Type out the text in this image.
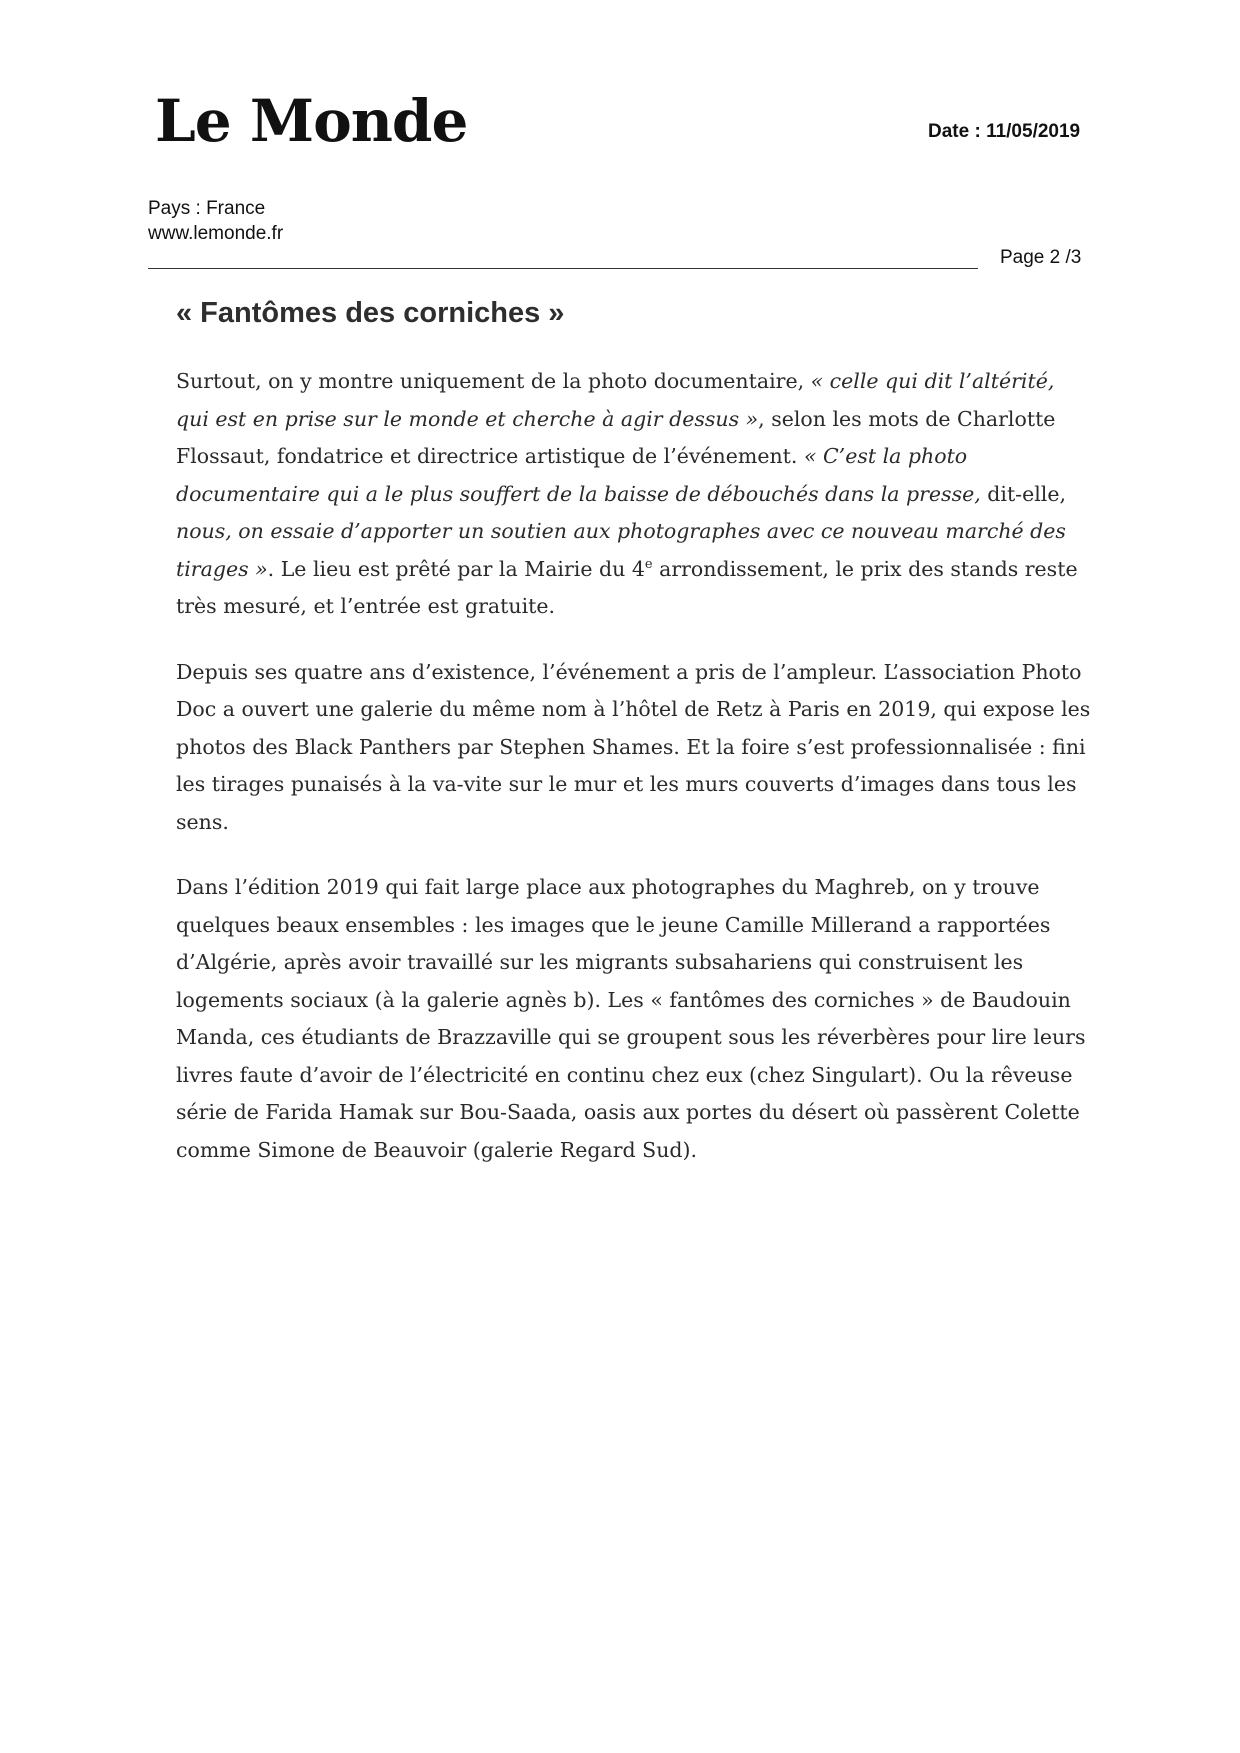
Le Monde	Date : 11/05/2019
Pays : France
www.lemonde.fr
Page 2 /3
« Fantômes des corniches »

Surtout, on y montre uniquement de la photo documentaire, « celle qui dit l’altérité, qui est en prise sur le monde et cherche à agir dessus », selon les mots de Charlotte Flossaut, fondatrice et directrice artistique de l’événement. « C’est la photo documentaire qui a le plus souffert de la baisse de débouchés dans la presse, dit-elle, nous, on essaie d’apporter un soutien aux photographes avec ce nouveau marché des tirages ». Le lieu est prêté par la Mairie du 4e arrondissement, le prix des stands reste très mesuré, et l’entrée est gratuite.

Depuis ses quatre ans d’existence, l’événement a pris de l’ampleur. L’association Photo Doc a ouvert une galerie du même nom à l’hôtel de Retz à Paris en 2019, qui expose les photos des Black Panthers par Stephen Shames. Et la foire s’est professionnalisée : fini les tirages punaisés à la va-vite sur le mur et les murs couverts d’images dans tous les sens.

Dans l’édition 2019 qui fait large place aux photographes du Maghreb, on y trouve quelques beaux ensembles : les images que le jeune Camille Millerand a rapportées d’Algérie, après avoir travaillé sur les migrants subsahariens qui construisent les logements sociaux (à la galerie agnès b). Les « fantômes des corniches » de Baudouin Manda, ces étudiants de Brazzaville qui se groupent sous les réverbères pour lire leurs livres faute d’avoir de l’électricité en continu chez eux (chez Singulart). Ou la rêveuse série de Farida Hamak sur Bou-Saada, oasis aux portes du désert où passèrent Colette comme Simone de Beauvoir (galerie Regard Sud).
